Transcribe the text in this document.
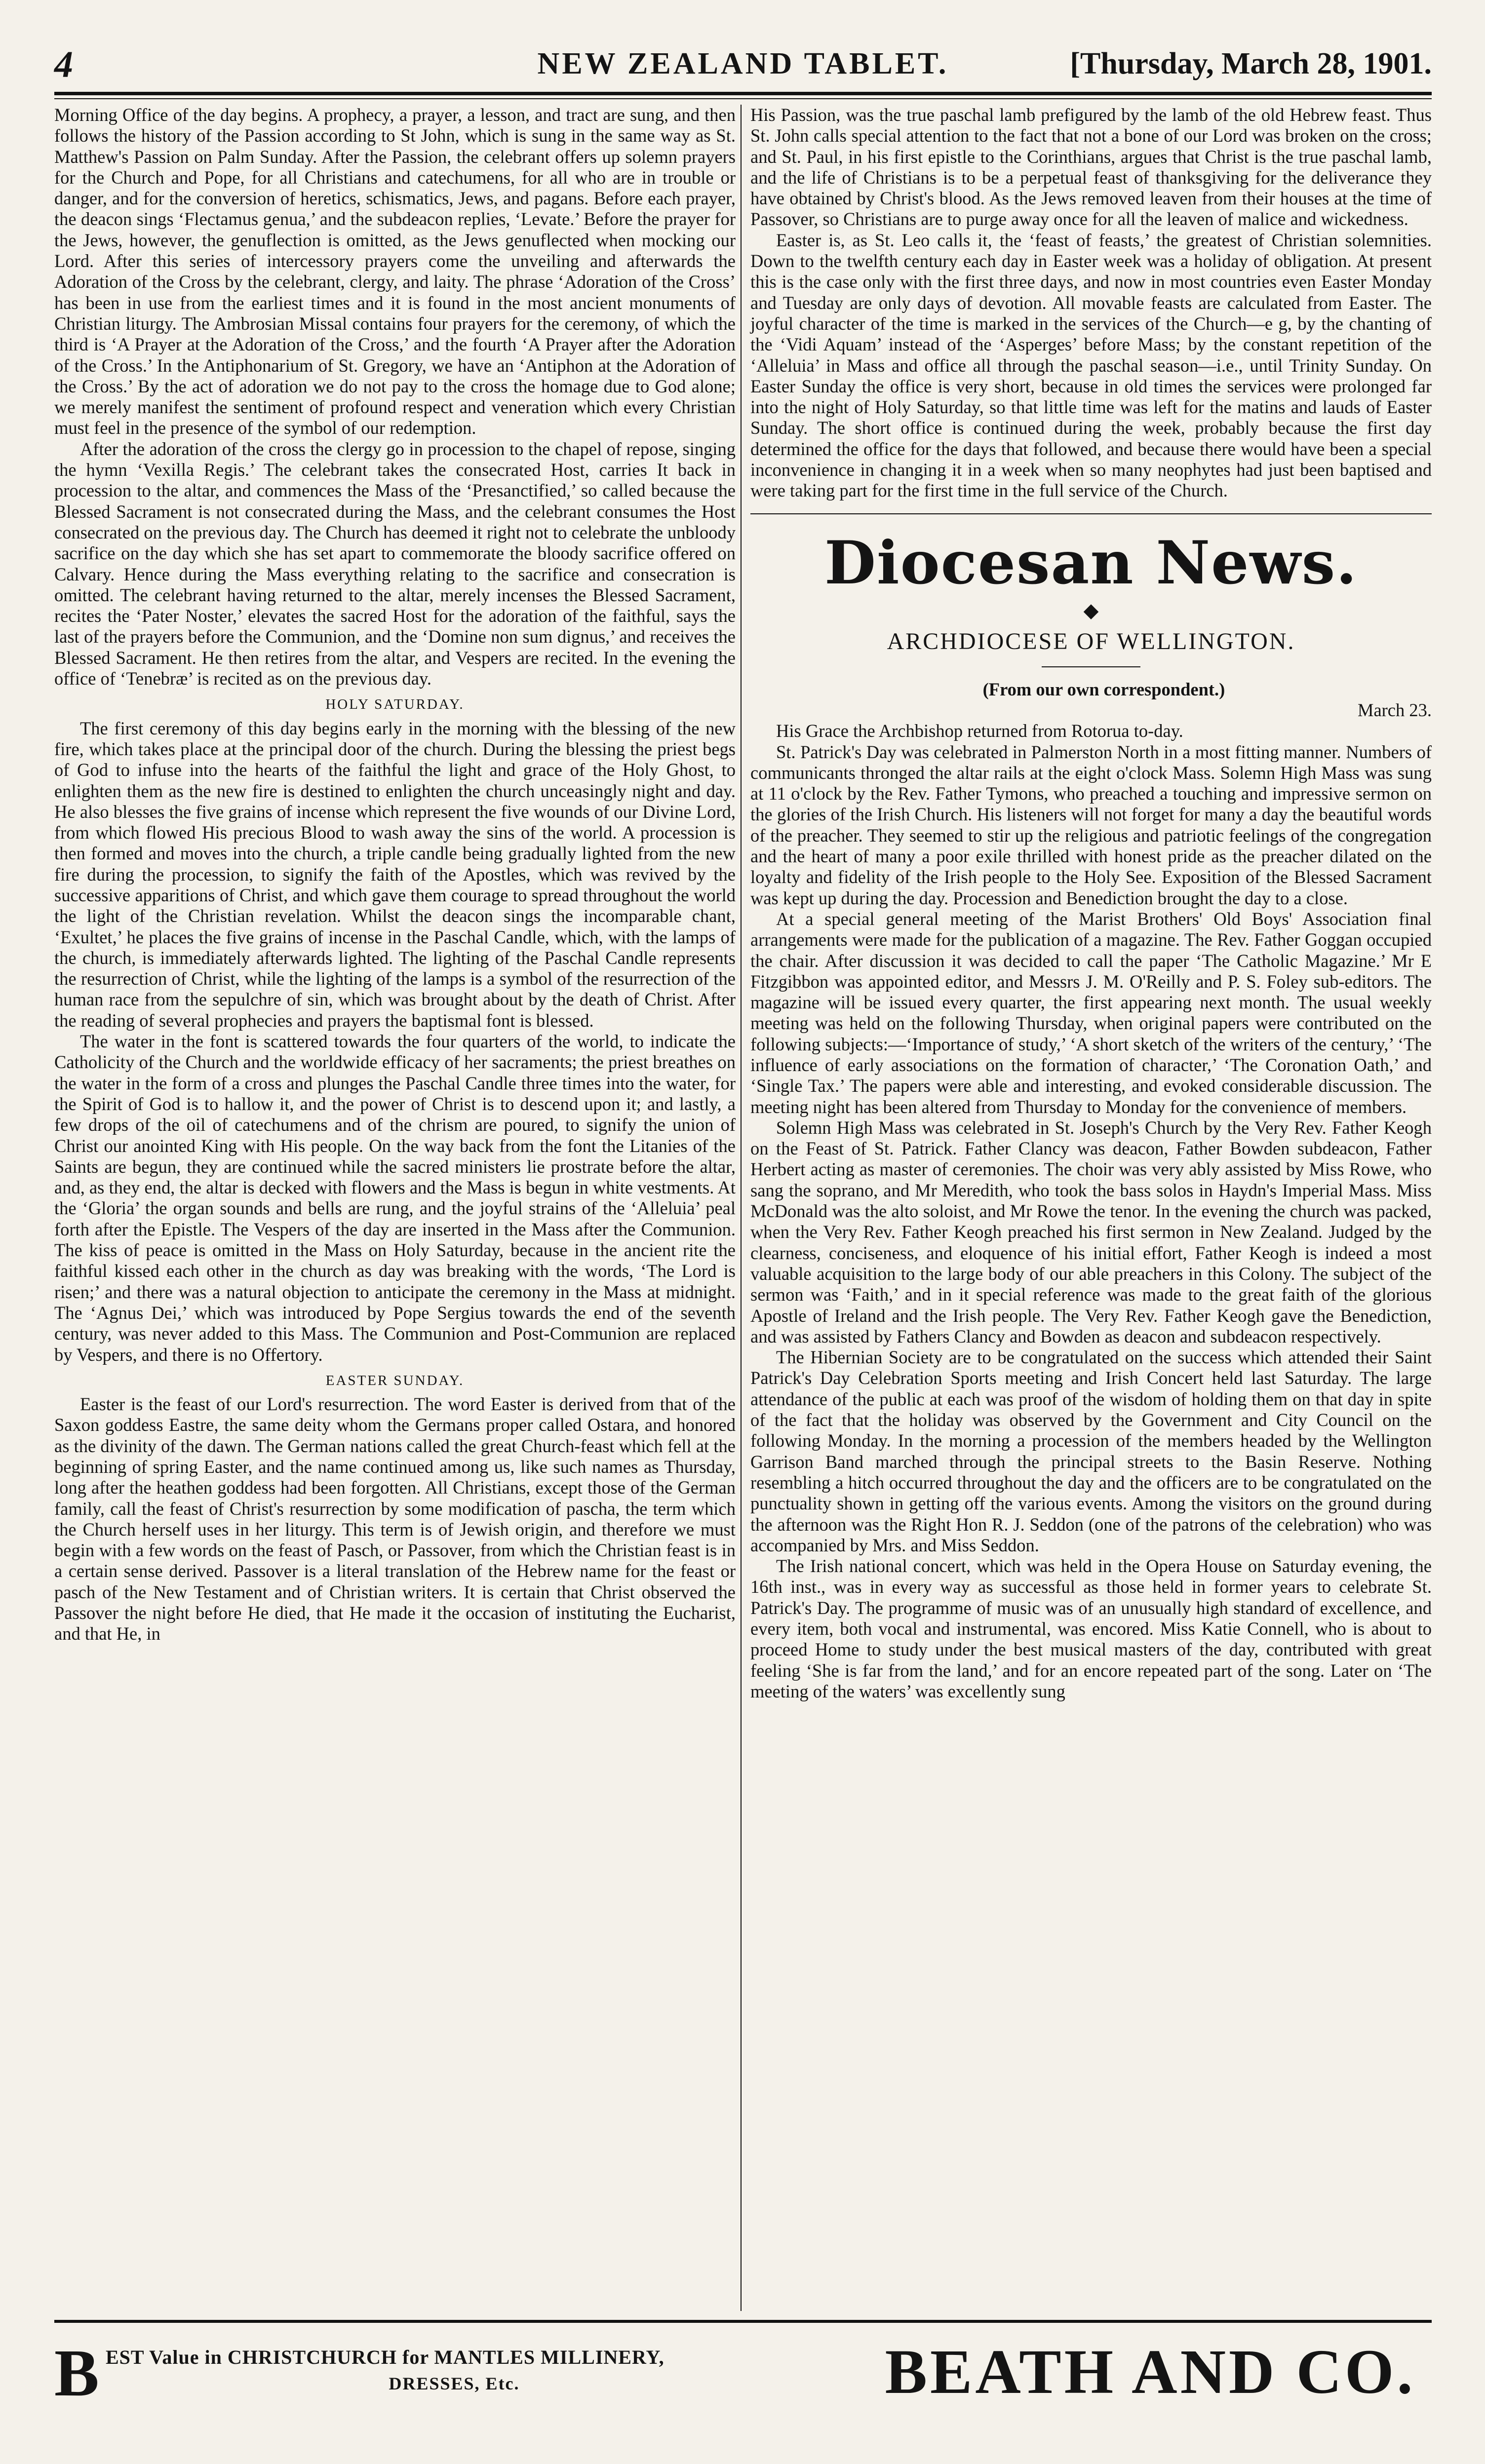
4	NEW ZEALAND TABLET.	[Thursday, March 28, 1901.

Morning Office of the day begins. A prophecy, a prayer, a lesson, and tract are sung, and then follows the history of the Passion according to St John, which is sung in the same way as St. Matthew's Passion on Palm Sunday. After the Passion, the celebrant offers up solemn prayers for the Church and Pope, for all Christians and catechumens, for all who are in trouble or danger, and for the conversion of heretics, schismatics, Jews, and pagans. Before each prayer, the deacon sings ‘Flectamus genua,’ and the subdeacon replies, ‘Levate.’ Before the prayer for the Jews, however, the genuflection is omitted, as the Jews genuflected when mocking our Lord. After this series of intercessory prayers come the unveiling and afterwards the Adoration of the Cross by the celebrant, clergy, and laity. The phrase ‘Adoration of the Cross’ has been in use from the earliest times and it is found in the most ancient monuments of Christian liturgy. The Ambrosian Missal contains four prayers for the ceremony, of which the third is ‘A Prayer at the Adoration of the Cross,’ and the fourth ‘A Prayer after the Adoration of the Cross.’ In the Antiphonarium of St. Gregory, we have an ‘Antiphon at the Adoration of the Cross.’ By the act of adoration we do not pay to the cross the homage due to God alone; we merely manifest the sentiment of profound respect and veneration which every Christian must feel in the presence of the symbol of our redemption.

After the adoration of the cross the clergy go in procession to the chapel of repose, singing the hymn ‘Vexilla Regis.’ The celebrant takes the consecrated Host, carries It back in procession to the altar, and commences the Mass of the ‘Presanctified,’ so called because the Blessed Sacrament is not consecrated during the Mass, and the celebrant consumes the Host consecrated on the previous day. The Church has deemed it right not to celebrate the unbloody sacrifice on the day which she has set apart to commemorate the bloody sacrifice offered on Calvary. Hence during the Mass everything relating to the sacrifice and consecration is omitted. The celebrant having returned to the altar, merely incenses the Blessed Sacrament, recites the ‘Pater Noster,’ elevates the sacred Host for the adoration of the faithful, says the last of the prayers before the Communion, and the ‘Domine non sum dignus,’ and receives the Blessed Sacrament. He then retires from the altar, and Vespers are recited. In the evening the office of ‘Tenebræ’ is recited as on the previous day.

HOLY SATURDAY.

The first ceremony of this day begins early in the morning with the blessing of the new fire, which takes place at the principal door of the church. During the blessing the priest begs of God to infuse into the hearts of the faithful the light and grace of the Holy Ghost, to enlighten them as the new fire is destined to enlighten the church unceasingly night and day. He also blesses the five grains of incense which represent the five wounds of our Divine Lord, from which flowed His precious Blood to wash away the sins of the world. A procession is then formed and moves into the church, a triple candle being gradually lighted from the new fire during the procession, to signify the faith of the Apostles, which was revived by the successive apparitions of Christ, and which gave them courage to spread throughout the world the light of the Christian revelation. Whilst the deacon sings the incomparable chant, ‘Exultet,’ he places the five grains of incense in the Paschal Candle, which, with the lamps of the church, is immediately afterwards lighted. The lighting of the Paschal Candle represents the resurrection of Christ, while the lighting of the lamps is a symbol of the resurrection of the human race from the sepulchre of sin, which was brought about by the death of Christ. After the reading of several prophecies and prayers the baptismal font is blessed.

The water in the font is scattered towards the four quarters of the world, to indicate the Catholicity of the Church and the worldwide efficacy of her sacraments; the priest breathes on the water in the form of a cross and plunges the Paschal Candle three times into the water, for the Spirit of God is to hallow it, and the power of Christ is to descend upon it; and lastly, a few drops of the oil of catechumens and of the chrism are poured, to signify the union of Christ our anointed King with His people. On the way back from the font the Litanies of the Saints are begun, they are continued while the sacred ministers lie prostrate before the altar, and, as they end, the altar is decked with flowers and the Mass is begun in white vestments. At the ‘Gloria’ the organ sounds and bells are rung, and the joyful strains of the ‘Alleluia’ peal forth after the Epistle. The Vespers of the day are inserted in the Mass after the Communion. The kiss of peace is omitted in the Mass on Holy Saturday, because in the ancient rite the faithful kissed each other in the church as day was breaking with the words, ‘The Lord is risen;’ and there was a natural objection to anticipate the ceremony in the Mass at midnight. The ‘Agnus Dei,’ which was introduced by Pope Sergius towards the end of the seventh century, was never added to this Mass. The Communion and Post-Communion are replaced by Vespers, and there is no Offertory.

EASTER SUNDAY.

Easter is the feast of our Lord's resurrection. The word Easter is derived from that of the Saxon goddess Eastre, the same deity whom the Germans proper called Ostara, and honored as the divinity of the dawn. The German nations called the great Church-feast which fell at the beginning of spring Easter, and the name continued among us, like such names as Thursday, long after the heathen goddess had been forgotten. All Christians, except those of the German family, call the feast of Christ's resurrection by some modification of pascha, the term which the Church herself uses in her liturgy. This term is of Jewish origin, and therefore we must begin with a few words on the feast of Pasch, or Passover, from which the Christian feast is in a certain sense derived. Passover is a literal translation of the Hebrew name for the feast or pasch of the New Testament and of Christian writers. It is certain that Christ observed the Passover the night before He died, that He made it the occasion of instituting the Eucharist, and that He, in

His Passion, was the true paschal lamb prefigured by the lamb of the old Hebrew feast. Thus St. John calls special attention to the fact that not a bone of our Lord was broken on the cross; and St. Paul, in his first epistle to the Corinthians, argues that Christ is the true paschal lamb, and the life of Christians is to be a perpetual feast of thanksgiving for the deliverance they have obtained by Christ's blood. As the Jews removed leaven from their houses at the time of Passover, so Christians are to purge away once for all the leaven of malice and wickedness.

Easter is, as St. Leo calls it, the ‘feast of feasts,’ the greatest of Christian solemnities. Down to the twelfth century each day in Easter week was a holiday of obligation. At present this is the case only with the first three days, and now in most countries even Easter Monday and Tuesday are only days of devotion. All movable feasts are calculated from Easter. The joyful character of the time is marked in the services of the Church—e g, by the chanting of the ‘Vidi Aquam’ instead of the ‘Asperges’ before Mass; by the constant repetition of the ‘Alleluia’ in Mass and office all through the paschal season—i.e., until Trinity Sunday. On Easter Sunday the office is very short, because in old times the services were prolonged far into the night of Holy Saturday, so that little time was left for the matins and lauds of Easter Sunday. The short office is continued during the week, probably because the first day determined the office for the days that followed, and because there would have been a special inconvenience in changing it in a week when so many neophytes had just been baptised and were taking part for the first time in the full service of the Church.

Diocesan News.
◆
ARCHDIOCESE OF WELLINGTON.

(From our own correspondent.)

March 23.

His Grace the Archbishop returned from Rotorua to-day.

St. Patrick's Day was celebrated in Palmerston North in a most fitting manner. Numbers of communicants thronged the altar rails at the eight o'clock Mass. Solemn High Mass was sung at 11 o'clock by the Rev. Father Tymons, who preached a touching and impressive sermon on the glories of the Irish Church. His listeners will not forget for many a day the beautiful words of the preacher. They seemed to stir up the religious and patriotic feelings of the congregation and the heart of many a poor exile thrilled with honest pride as the preacher dilated on the loyalty and fidelity of the Irish people to the Holy See. Exposition of the Blessed Sacrament was kept up during the day. Procession and Benediction brought the day to a close.

At a special general meeting of the Marist Brothers' Old Boys' Association final arrangements were made for the publication of a magazine. The Rev. Father Goggan occupied the chair. After discussion it was decided to call the paper ‘The Catholic Magazine.’ Mr E Fitzgibbon was appointed editor, and Messrs J. M. O'Reilly and P. S. Foley sub-editors. The magazine will be issued every quarter, the first appearing next month. The usual weekly meeting was held on the following Thursday, when original papers were contributed on the following subjects:—‘Importance of study,’ ‘A short sketch of the writers of the century,’ ‘The influence of early associations on the formation of character,’ ‘The Coronation Oath,’ and ‘Single Tax.’ The papers were able and interesting, and evoked considerable discussion. The meeting night has been altered from Thursday to Monday for the convenience of members.

Solemn High Mass was celebrated in St. Joseph's Church by the Very Rev. Father Keogh on the Feast of St. Patrick. Father Clancy was deacon, Father Bowden subdeacon, Father Herbert acting as master of ceremonies. The choir was very ably assisted by Miss Rowe, who sang the soprano, and Mr Meredith, who took the bass solos in Haydn's Imperial Mass. Miss McDonald was the alto soloist, and Mr Rowe the tenor. In the evening the church was packed, when the Very Rev. Father Keogh preached his first sermon in New Zealand. Judged by the clearness, conciseness, and eloquence of his initial effort, Father Keogh is indeed a most valuable acquisition to the large body of our able preachers in this Colony. The subject of the sermon was ‘Faith,’ and in it special reference was made to the great faith of the glorious Apostle of Ireland and the Irish people. The Very Rev. Father Keogh gave the Benediction, and was assisted by Fathers Clancy and Bowden as deacon and subdeacon respectively.

The Hibernian Society are to be congratulated on the success which attended their Saint Patrick's Day Celebration Sports meeting and Irish Concert held last Saturday. The large attendance of the public at each was proof of the wisdom of holding them on that day in spite of the fact that the holiday was observed by the Government and City Council on the following Monday. In the morning a procession of the members headed by the Wellington Garrison Band marched through the principal streets to the Basin Reserve. Nothing resembling a hitch occurred throughout the day and the officers are to be congratulated on the punctuality shown in getting off the various events. Among the visitors on the ground during the afternoon was the Right Hon R. J. Seddon (one of the patrons of the celebration) who was accompanied by Mrs. and Miss Seddon.

The Irish national concert, which was held in the Opera House on Saturday evening, the 16th inst., was in every way as successful as those held in former years to celebrate St. Patrick's Day. The programme of music was of an unusually high standard of excellence, and every item, both vocal and instrumental, was encored. Miss Katie Connell, who is about to proceed Home to study under the best musical masters of the day, contributed with great feeling ‘She is far from the land,’ and for an encore repeated part of the song. Later on ‘The meeting of the waters’ was excellently sung

B EST Value in CHRISTCHURCH for MANTLES MILLINERY,
DRESSES, Etc.	BEATH AND CO.
